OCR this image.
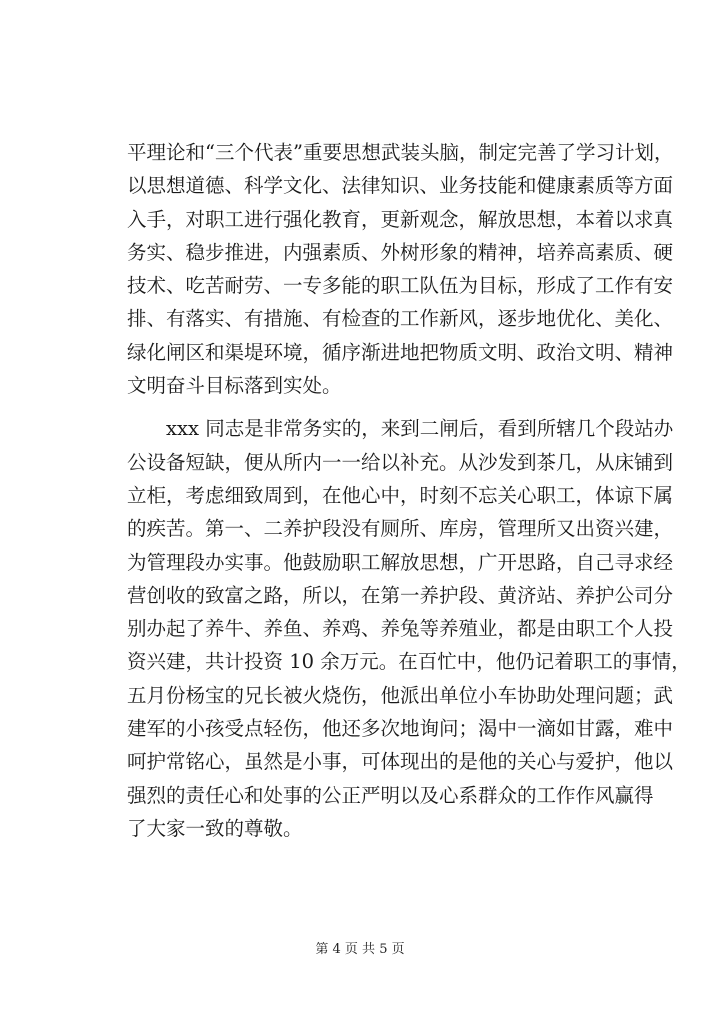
平理论和“三个代表”重要思想武装头脑，制定完善了学习计划，
以思想道德、科学文化、法律知识、业务技能和健康素质等方面
入手，对职工进行强化教育，更新观念，解放思想，本着以求真
务实、稳步推进，内强素质、外树形象的精神，培养高素质、硬
技术、吃苦耐劳、一专多能的职工队伍为目标，形成了工作有安
排、有落实、有措施、有检查的工作新风，逐步地优化、美化、
绿化闸区和渠堤环境，循序渐进地把物质文明、政治文明、精神
文明奋斗目标落到实处。
xxx 同志是非常务实的，来到二闸后，看到所辖几个段站办
公设备短缺，便从所内一一给以补充。从沙发到茶几，从床铺到
立柜，考虑细致周到，在他心中，时刻不忘关心职工，体谅下属
的疾苦。第一、二养护段没有厕所、库房，管理所又出资兴建，
为管理段办实事。他鼓励职工解放思想，广开思路，自己寻求经
营创收的致富之路，所以，在第一养护段、黄济站、养护公司分
别办起了养牛、养鱼、养鸡、养兔等养殖业，都是由职工个人投
资兴建，共计投资 10 余万元。在百忙中，他仍记着职工的事情，
五月份杨宝的兄长被火烧伤，他派出单位小车协助处理问题；武
建军的小孩受点轻伤，他还多次地询问；渴中一滴如甘露，难中
呵护常铭心，虽然是小事，可体现出的是他的关心与爱护，他以
强烈的责任心和处事的公正严明以及心系群众的工作作风赢得
了大家一致的尊敬。
第 4 页 共 5 页
